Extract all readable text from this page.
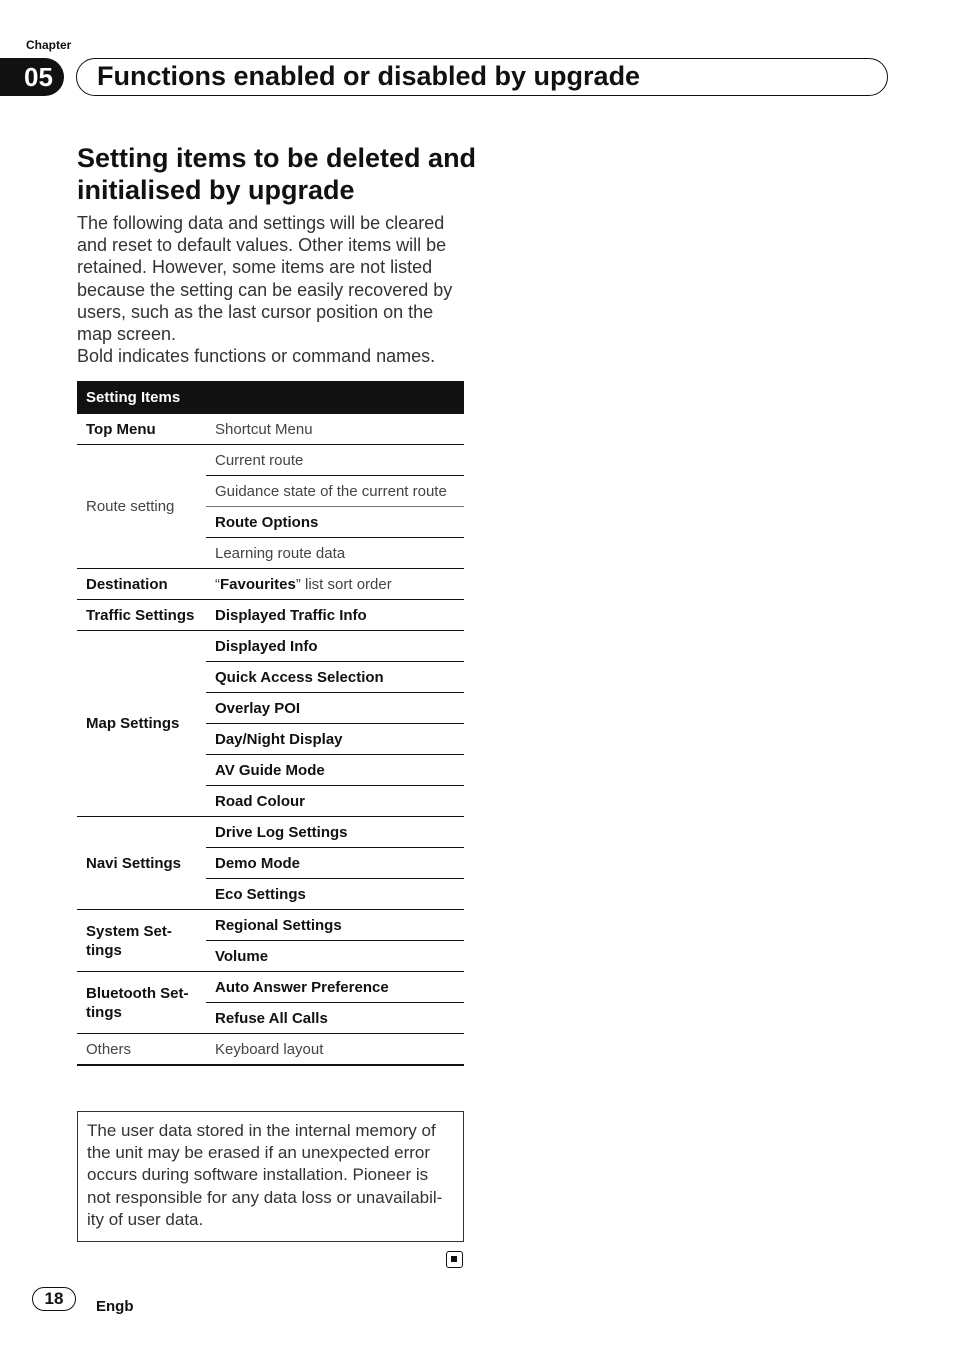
Chapter
05	Functions enabled or disabled by upgrade
Setting items to be deleted and initialised by upgrade

The following data and settings will be cleared and reset to default values. Other items will be retained. However, some items are not listed because the setting can be easily recovered by users, such as the last cursor position on the map screen.

Bold indicates functions or command names.

Setting Items	
Top Menu	Shortcut Menu
Route setting	Current route
	Guidance state of the current route
	Route Options
	Learning route data
Destination	“Favourites” list sort order
Traffic Settings	Displayed Traffic Info
Map Settings	Displayed Info
	Quick Access Selection
	Overlay POI
	Day/Night Display
	AV Guide Mode
	Road Colour
Navi Settings	Drive Log Settings
	Demo Mode
	Eco Settings
System Set-tings	Regional Settings
	Volume
Bluetooth Set-tings	Auto Answer Preference
	Refuse All Calls
Others	Keyboard layout
The user data stored in the internal memory of the unit may be erased if an unexpected error occurs during software installation. Pioneer is not responsible for any data loss or unavailabil-ity of user data.
18	Engb
